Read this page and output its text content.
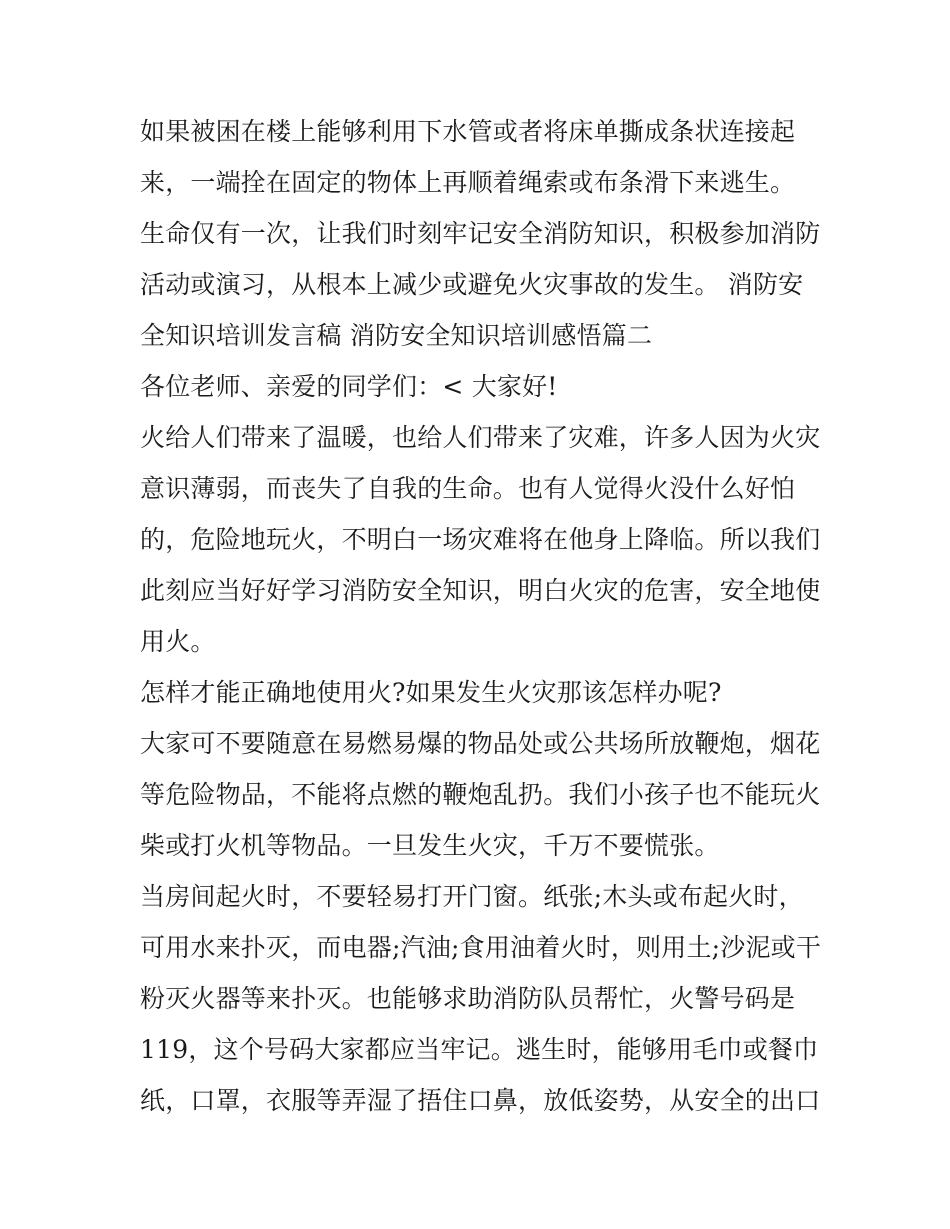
如果被困在楼上能够利用下水管或者将床单撕成条状连接起
来，一端拴在固定的物体上再顺着绳索或布条滑下来逃生。
生命仅有一次，让我们时刻牢记安全消防知识，积极参加消防
活动或演习，从根本上减少或避免火灾事故的发生。 消防安
全知识培训发言稿 消防安全知识培训感悟篇二
各位老师、亲爱的同学们：< 大家好!
火给人们带来了温暖，也给人们带来了灾难，许多人因为火灾
意识薄弱，而丧失了自我的生命。也有人觉得火没什么好怕
的，危险地玩火，不明白一场灾难将在他身上降临。所以我们
此刻应当好好学习消防安全知识，明白火灾的危害，安全地使
用火。
怎样才能正确地使用火?如果发生火灾那该怎样办呢?
大家可不要随意在易燃易爆的物品处或公共场所放鞭炮，烟花
等危险物品，不能将点燃的鞭炮乱扔。我们小孩子也不能玩火
柴或打火机等物品。一旦发生火灾，千万不要慌张。
当房间起火时，不要轻易打开门窗。纸张;木头或布起火时，
可用水来扑灭，而电器;汽油;食用油着火时，则用土;沙泥或干
粉灭火器等来扑灭。也能够求助消防队员帮忙，火警号码是
119，这个号码大家都应当牢记。逃生时，能够用毛巾或餐巾
纸，口罩，衣服等弄湿了捂住口鼻，放低姿势，从安全的出口
